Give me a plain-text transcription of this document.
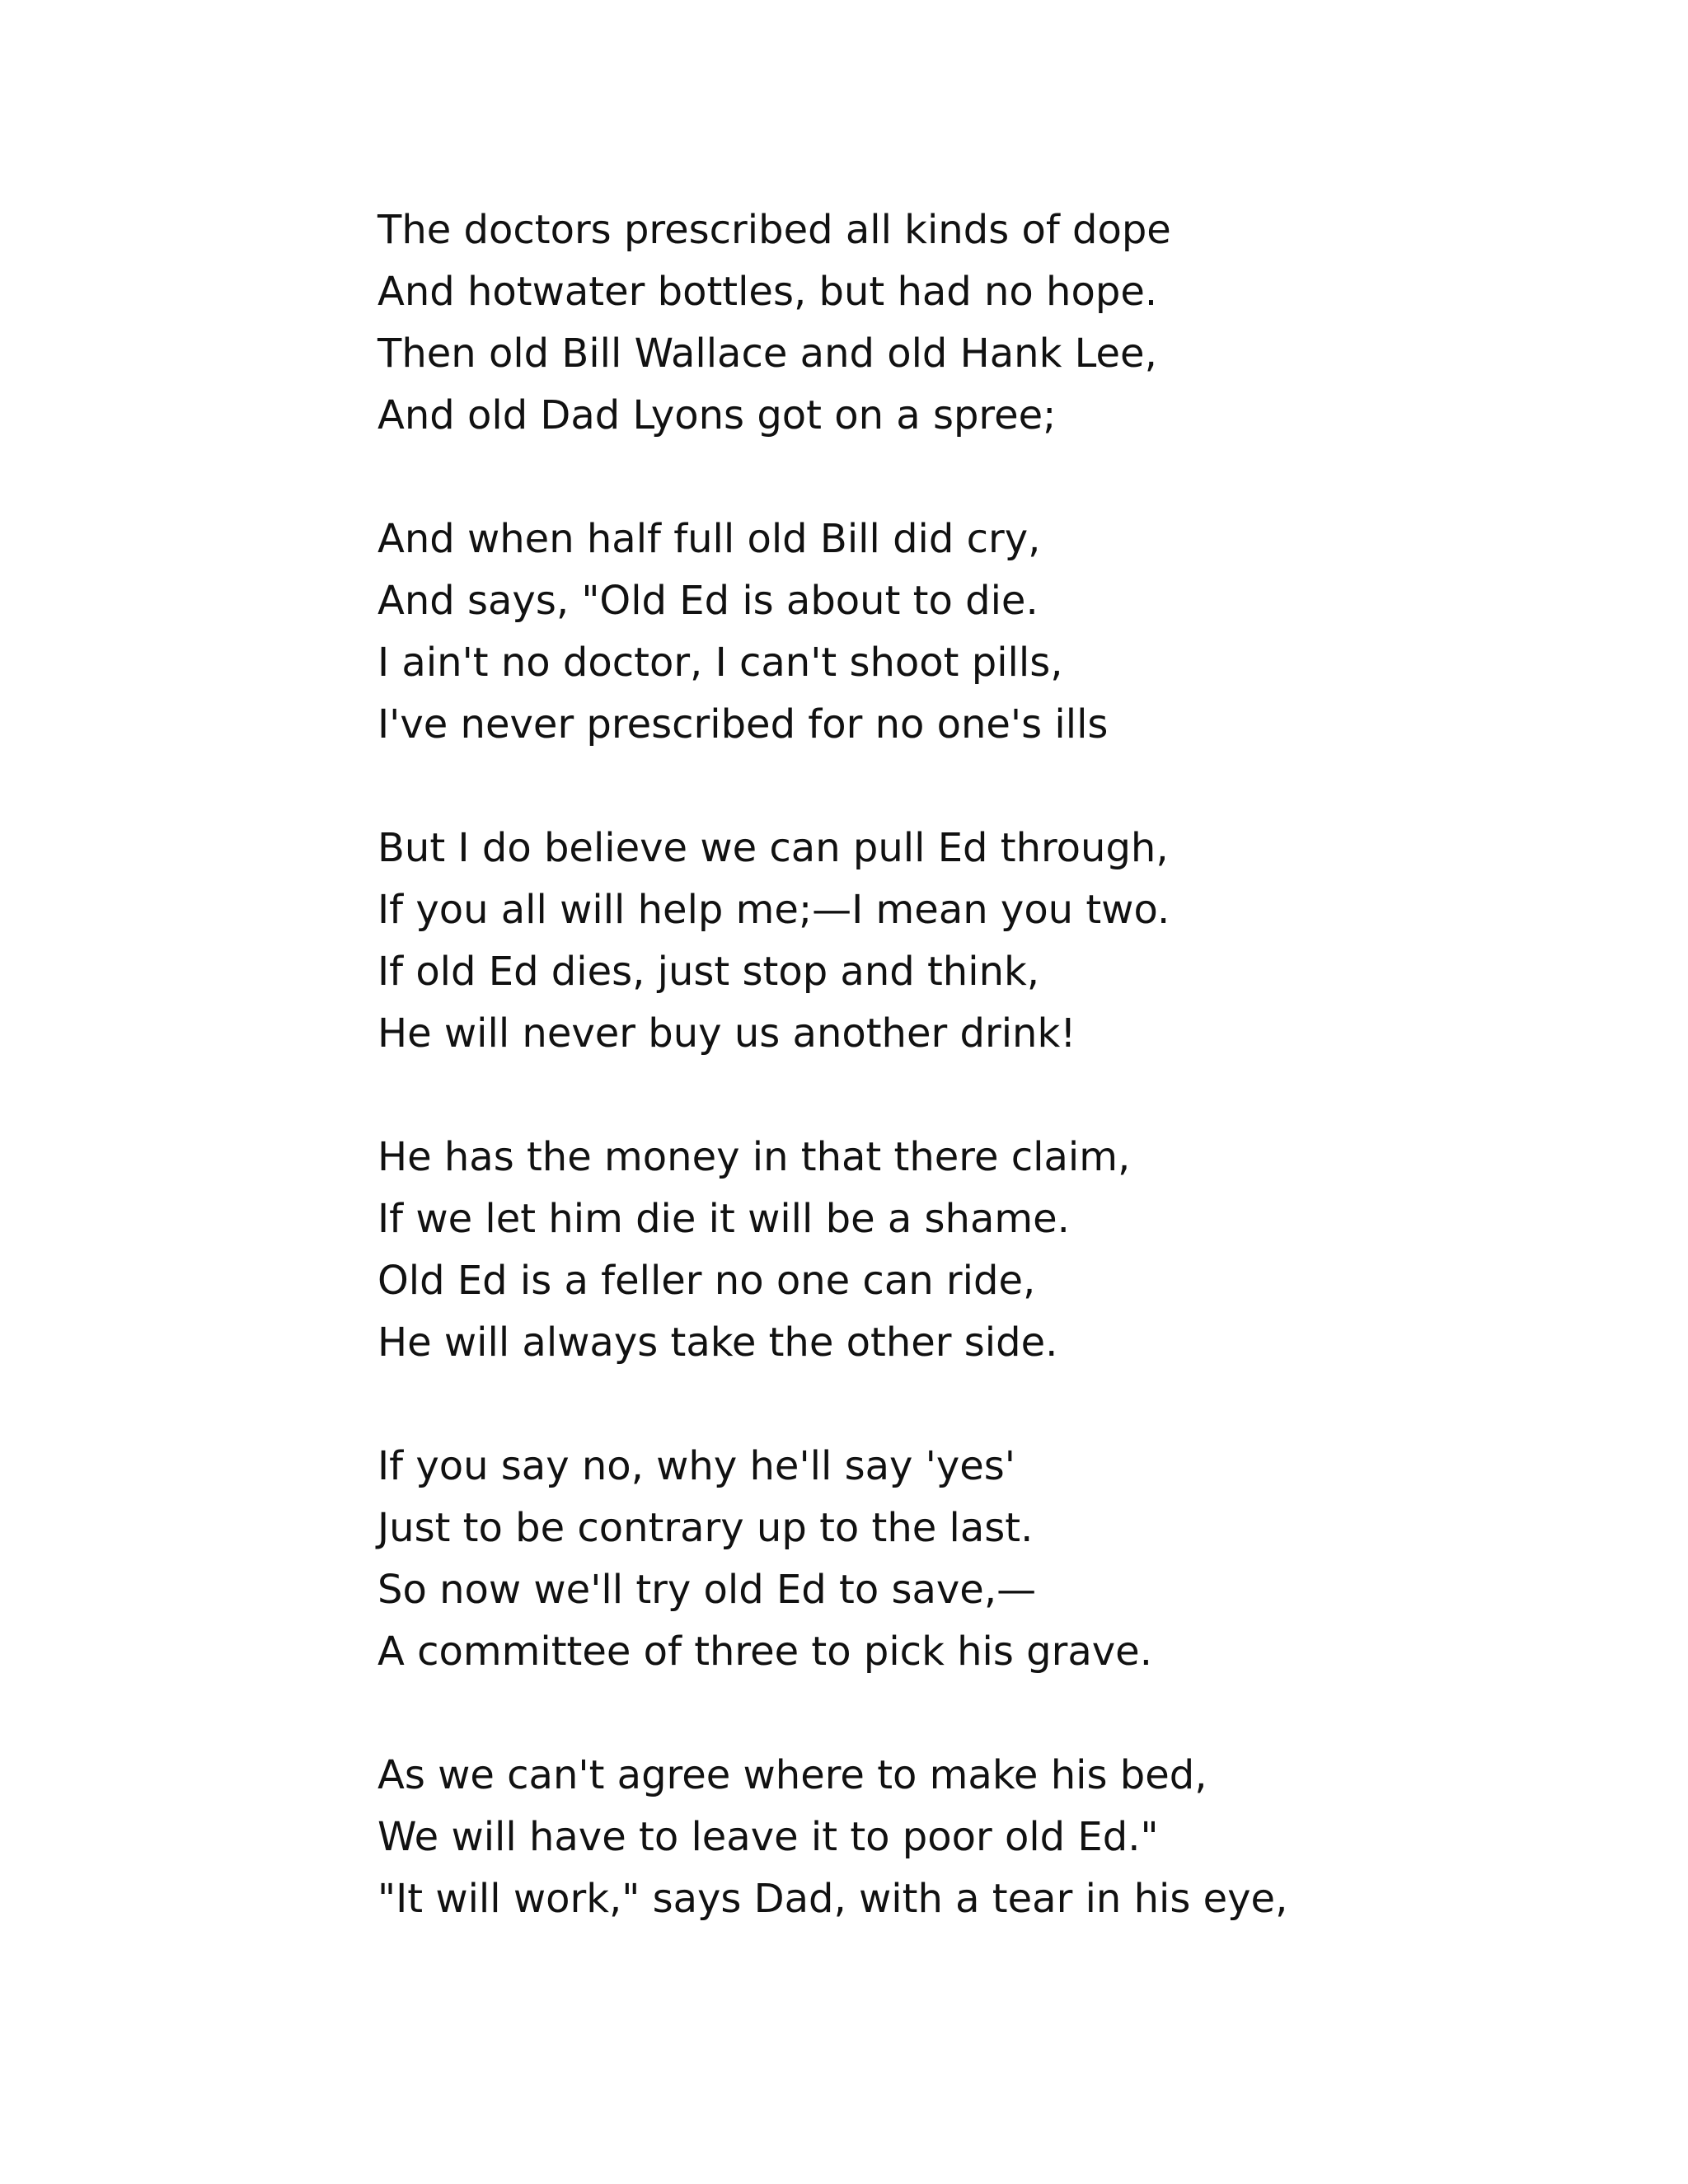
The doctors prescribed all kinds of dope
And hotwater bottles, but had no hope.
Then old Bill Wallace and old Hank Lee,
And old Dad Lyons got on a spree;
And when half full old Bill did cry,
And says, "Old Ed is about to die.
I ain't no doctor, I can't shoot pills,
I've never prescribed for no one's ills
But I do believe we can pull Ed through,
If you all will help me;—I mean you two.
If old Ed dies, just stop and think,
He will never buy us another drink!
He has the money in that there claim,
If we let him die it will be a shame.
Old Ed is a feller no one can ride,
He will always take the other side.
If you say no, why he'll say 'yes'
Just to be contrary up to the last.
So now we'll try old Ed to save,—
A committee of three to pick his grave.
As we can't agree where to make his bed,
We will have to leave it to poor old Ed."
"It will work," says Dad, with a tear in his eye,
